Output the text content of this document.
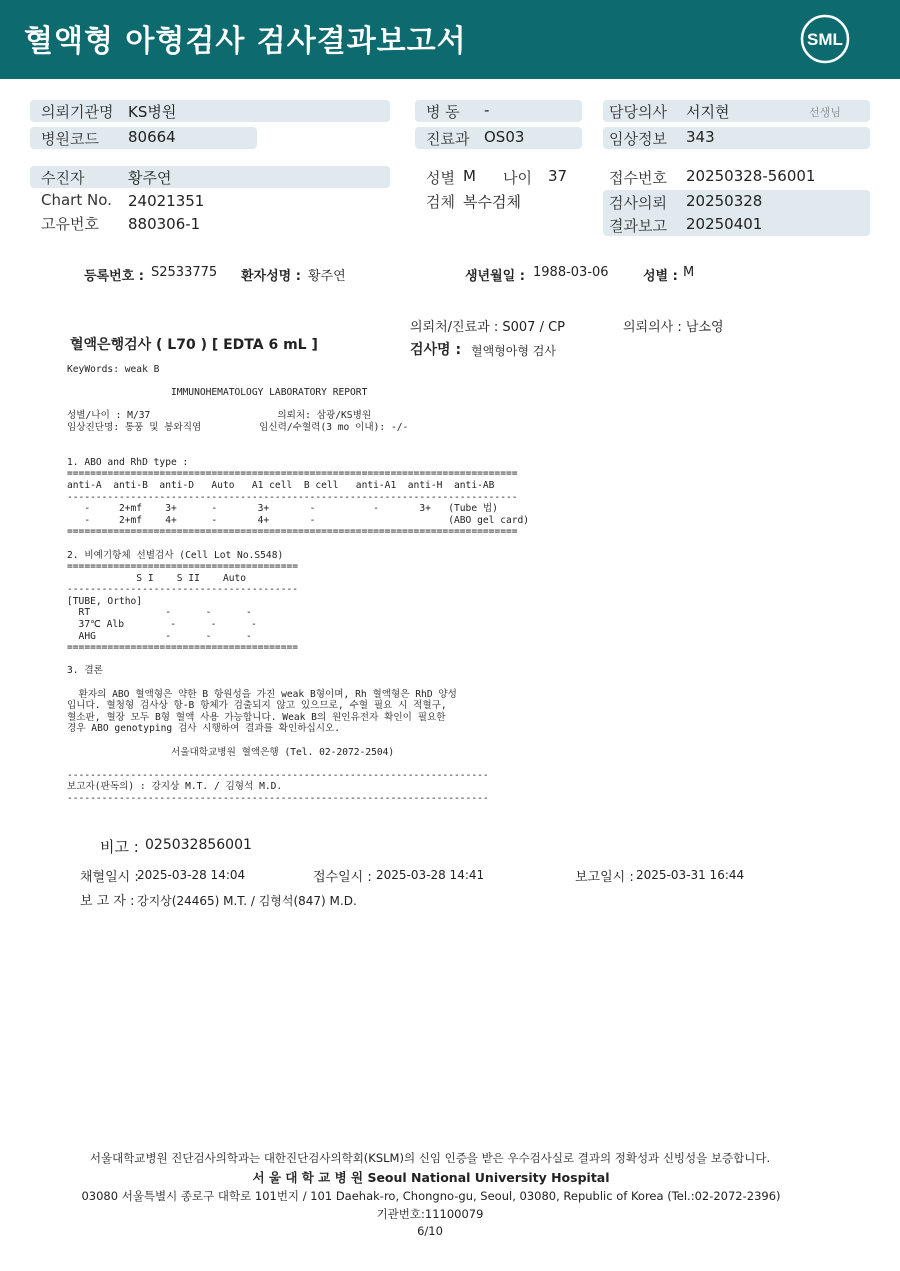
혈액형 아형검사 검사결과보고서	SML
의뢰기관명 KS병원
병원코드 80664
병 동 -
진료과 OS03
담당의사 서지현	선생님
임상정보 343
수진자	황주연
Chart No. 24021351
고유번호 880306-1
성별 M 나이 37
검체 복수검체
접수번호 20250328-56001
검사의뢰 20250328
결과보고 20250401
등록번호 : S2533775 환자성명 : 황주연	생년월일 : 1988-03-06	성별 : M
의뢰처/진료과 : S007 / CP	의뢰의사 : 남소영
혈액은행검사 ( L70 ) [ EDTA 6 mL ]	검사명 : 혈액형아형 검사
KeyWords: weak B
IMMUNOHEMATOLOGY LABORATORY REPORT
성별/나이 : M/37                      의뢰처: 삼광/KS병원
임상진단명: 통풍 및 봉와직염          임신력/수혈력(3 mo 이내): -/-
1. ABO and RhD type :
==============================================================================
anti-A  anti-B  anti-D   Auto   A1 cell  B cell   anti-A1  anti-H  anti-AB
------------------------------------------------------------------------------
-     2+mf    3+      -       3+       -          -       3+   (Tube 법)
-     2+mf    4+      -       4+       -                       (ABO gel card)
==============================================================================
2. 비예기항체 선별검사 (Cell Lot No.S548)
========================================
S I    S II    Auto
----------------------------------------
[TUBE, Ortho]
RT             -      -      -
37℃ Alb        -      -      -
AHG            -      -      -
========================================
3. 결론
환자의 ABO 혈액형은 약한 B 항원성을 가진 weak B형이며, Rh 혈액형은 RhD 양성
입니다. 혈청형 검사상 항-B 항체가 검출되지 않고 있으므로, 수혈 필요 시 적혈구,
혈소판, 혈장 모두 B형 혈액 사용 가능합니다. Weak B의 원인유전자 확인이 필요한
경우 ABO genotyping 검사 시행하여 결과를 확인하십시오.
서울대학교병원 혈액은행 (Tel. 02-2072-2504)
-------------------------------------------------------------------------
보고자(판독의) : 강지상 M.T. / 김형석 M.D.
-------------------------------------------------------------------------
비고 : 025032856001
채혈일시 :
2025-03-28 14:04	접수일시 : 2025-03-28 14:41	보고일시 : 2025-03-31 16:44
보 고 자 : 강지상(24465) M.T. / 김형석(847) M.D.
서울대학교병원 진단검사의학과는 대한진단검사의학회(KSLM)의 신임 인증을 받은 우수검사실로 결과의 정확성과 신빙성을 보증합니다.
서 울 대 학 교 병 원 Seoul National University Hospital
03080 서울특별시 종로구 대학로 101번지 / 101 Daehak-ro, Chongno-gu, Seoul, 03080, Republic of Korea (Tel.:02-2072-2396)
기관번호:11100079
6/10
